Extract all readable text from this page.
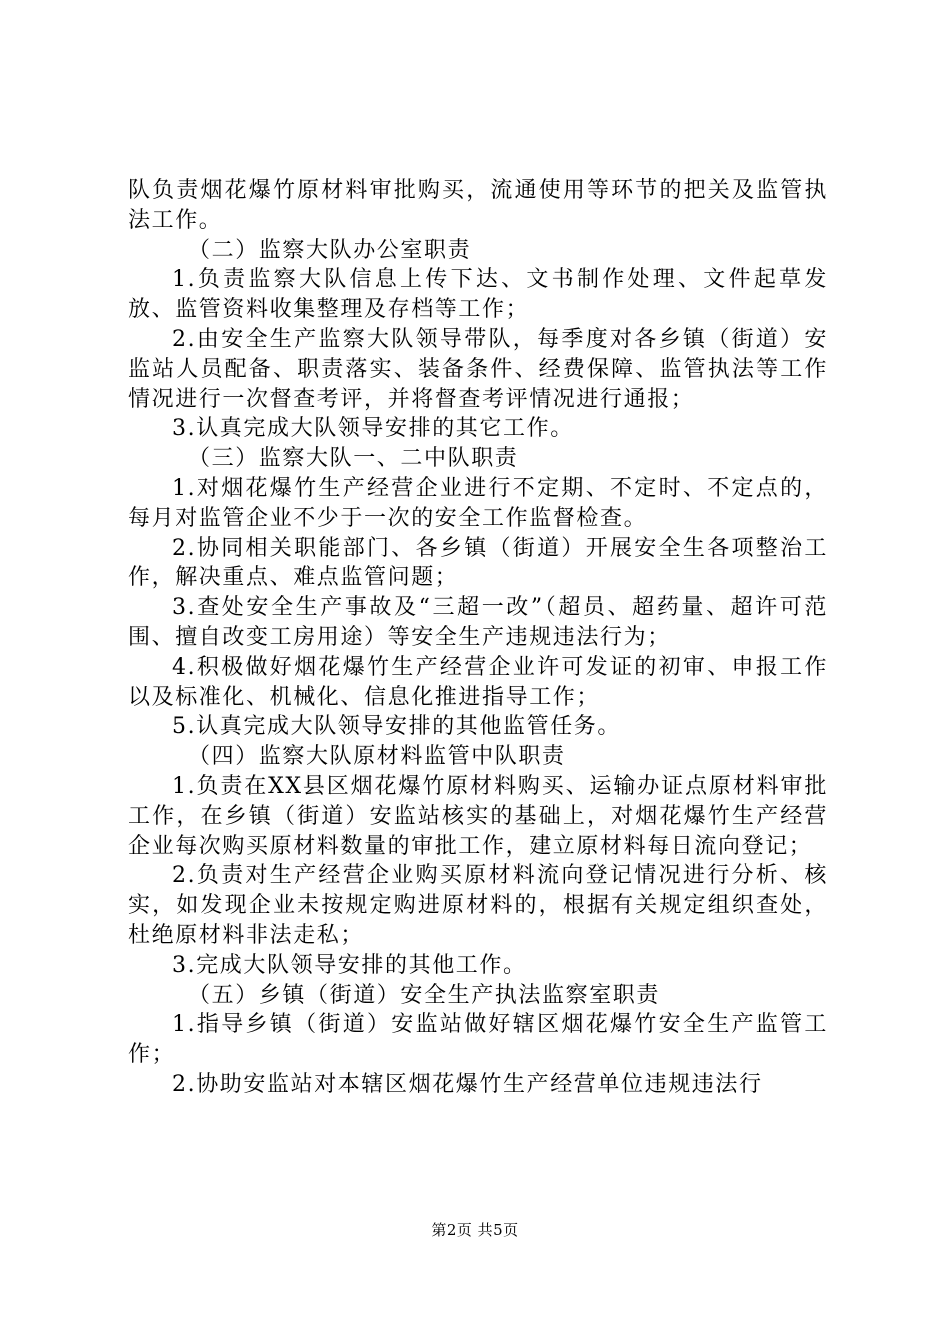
队负责烟花爆竹原材料审批购买，流通使用等环节的把关及监管执法工作。

（二）监察大队办公室职责

1.负责监察大队信息上传下达、文书制作处理、文件起草发放、监管资料收集整理及存档等工作；

2.由安全生产监察大队领导带队，每季度对各乡镇（街道）安监站人员配备、职责落实、装备条件、经费保障、监管执法等工作情况进行一次督查考评，并将督查考评情况进行通报；

3.认真完成大队领导安排的其它工作。

（三）监察大队一、二中队职责

1.对烟花爆竹生产经营企业进行不定期、不定时、不定点的，每月对监管企业不少于一次的安全工作监督检查。

2.协同相关职能部门、各乡镇（街道）开展安全生各项整治工作，解决重点、难点监管问题；

3.查处安全生产事故及“三超一改”（超员、超药量、超许可范围、擅自改变工房用途）等安全生产违规违法行为；

4.积极做好烟花爆竹生产经营企业许可发证的初审、申报工作以及标准化、机械化、信息化推进指导工作；

5.认真完成大队领导安排的其他监管任务。

（四）监察大队原材料监管中队职责

1.负责在XX县区烟花爆竹原材料购买、运输办证点原材料审批工作，在乡镇（街道）安监站核实的基础上，对烟花爆竹生产经营企业每次购买原材料数量的审批工作，建立原材料每日流向登记；

2.负责对生产经营企业购买原材料流向登记情况进行分析、核实，如发现企业未按规定购进原材料的，根据有关规定组织查处，杜绝原材料非法走私；

3.完成大队领导安排的其他工作。

（五）乡镇（街道）安全生产执法监察室职责

1.指导乡镇（街道）安监站做好辖区烟花爆竹安全生产监管工作；

2.协助安监站对本辖区烟花爆竹生产经营单位违规违法行

第2页 共5页
